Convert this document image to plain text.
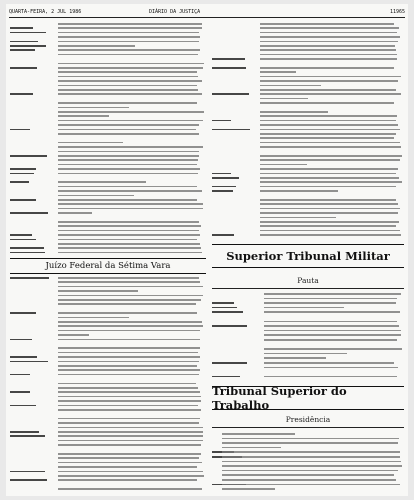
QUARTA-FEIRA, 2 JUL 1986	DIÁRIO DA JUSTIÇA	11965
Juízo Federal da Sétima Vara
Superior Tribunal Militar
Pauta
Tribunal Superior do Trabalho
Presidência
